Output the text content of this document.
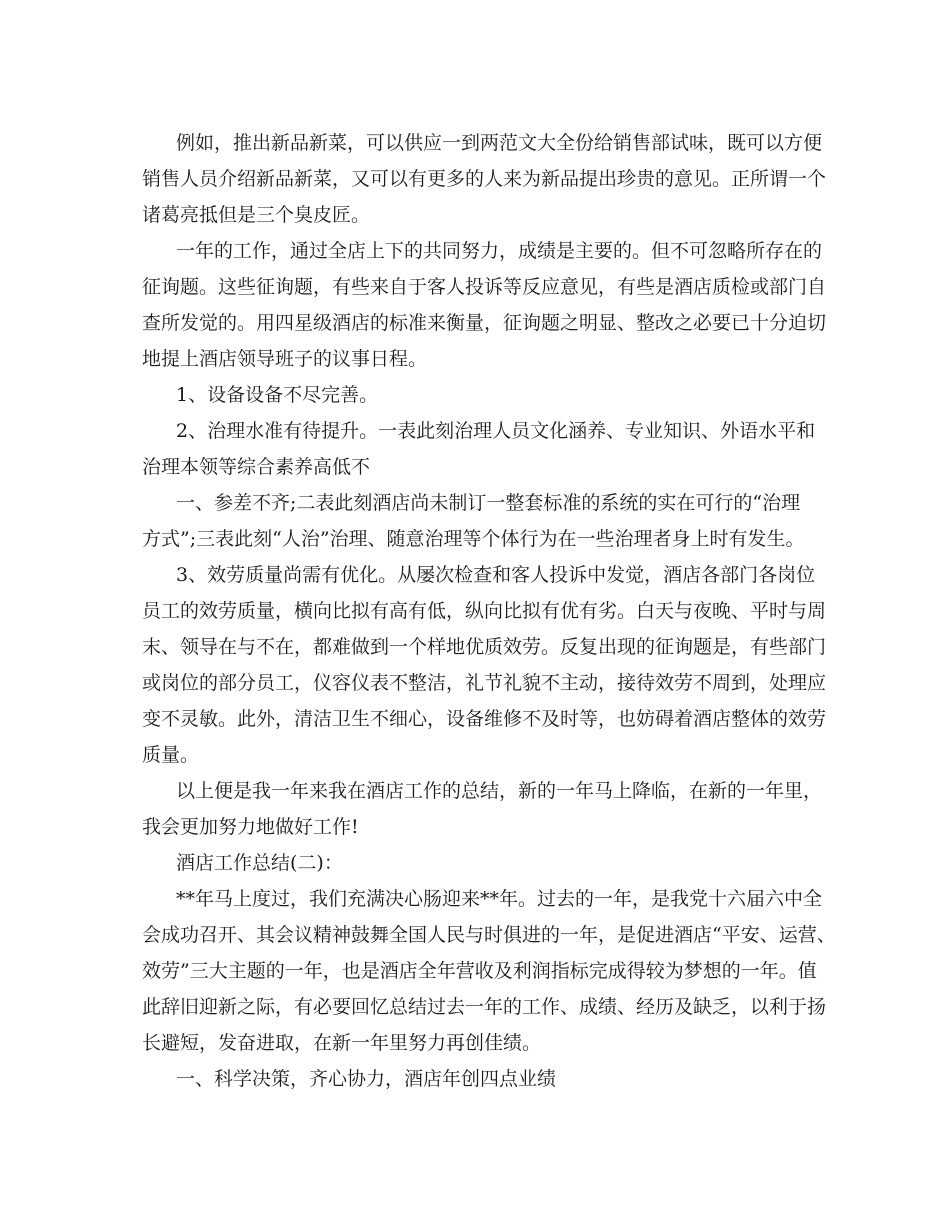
例如，推出新品新菜，可以供应一到两范文大全份给销售部试味，既可以方便
销售人员介绍新品新菜，又可以有更多的人来为新品提出珍贵的意见。正所谓一个
诸葛亮抵但是三个臭皮匠。
一年的工作，通过全店上下的共同努力，成绩是主要的。但不可忽略所存在的
征询题。这些征询题，有些来自于客人投诉等反应意见，有些是酒店质检或部门自
查所发觉的。用四星级酒店的标准来衡量，征询题之明显、整改之必要已十分迫切
地提上酒店领导班子的议事日程。
1、设备设备不尽完善。
2、治理水准有待提升。一表此刻治理人员文化涵养、专业知识、外语水平和
治理本领等综合素养高低不
一、参差不齐;二表此刻酒店尚未制订一整套标准的系统的实在可行的“治理
方式”;三表此刻“人治”治理、随意治理等个体行为在一些治理者身上时有发生。
3、效劳质量尚需有优化。从屡次检查和客人投诉中发觉，酒店各部门各岗位
员工的效劳质量，横向比拟有高有低，纵向比拟有优有劣。白天与夜晚、平时与周
末、领导在与不在，都难做到一个样地优质效劳。反复出现的征询题是，有些部门
或岗位的部分员工，仪容仪表不整洁，礼节礼貌不主动，接待效劳不周到，处理应
变不灵敏。此外，清洁卫生不细心，设备维修不及时等，也妨碍着酒店整体的效劳
质量。
以上便是我一年来我在酒店工作的总结，新的一年马上降临，在新的一年里，
我会更加努力地做好工作!
酒店工作总结(二)：
**年马上度过，我们充满决心肠迎来**年。过去的一年，是我党十六届六中全
会成功召开、其会议精神鼓舞全国人民与时俱进的一年，是促进酒店“平安、运营、
效劳”三大主题的一年，也是酒店全年营收及利润指标完成得较为梦想的一年。值
此辞旧迎新之际，有必要回忆总结过去一年的工作、成绩、经历及缺乏，以利于扬
长避短，发奋进取，在新一年里努力再创佳绩。
一、科学决策，齐心协力，酒店年创四点业绩
